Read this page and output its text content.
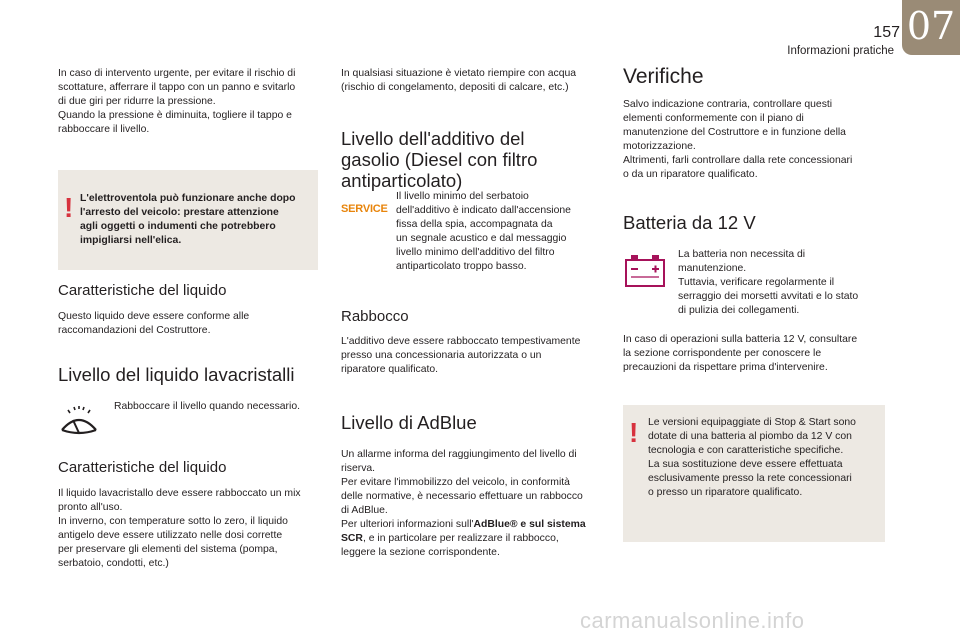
157 07
Informazioni pratiche
In caso di intervento urgente, per evitare il rischio di
scottature, afferrare il tappo con un panno e svitarlo
di due giri per ridurre la pressione.
Quando la pressione è diminuita, togliere il tappo e
rabboccare il livello.
! L'elettroventola può funzionare anche dopo
l'arresto del veicolo: prestare attenzione
agli oggetti o indumenti che potrebbero
impigliarsi nell'elica.
Caratteristiche del liquido
Questo liquido deve essere conforme alle
raccomandazioni del Costruttore.
Livello del liquido lavacristalli
Rabboccare il livello quando necessario.
Caratteristiche del liquido
Il liquido lavacristallo deve essere rabboccato un mix
pronto all'uso.
In inverno, con temperature sotto lo zero, il liquido
antigelo deve essere utilizzato nelle dosi corrette
per preservare gli elementi del sistema (pompa,
serbatoio, condotti, etc.)
In qualsiasi situazione è vietato riempire con acqua
(rischio di congelamento, depositi di calcare, etc.)
Livello dell'additivo del
gasolio (Diesel con filtro
antiparticolato)
SERVICE
Il livello minimo del serbatoio
dell'additivo è indicato dall'accensione
fissa della spia, accompagnata da
un segnale acustico e dal messaggio
livello minimo dell'additivo del filtro
antiparticolato troppo basso.
Rabbocco
L'additivo deve essere rabboccato tempestivamente
presso una concessionaria autorizzata o un
riparatore qualificato.
Livello di AdBlue
Un allarme informa del raggiungimento del livello di
riserva.
Per evitare l'immobilizzo del veicolo, in conformità
delle normative, è necessario effettuare un rabbocco
di AdBlue.
Per ulteriori informazioni sull'AdBlue® e sul sistema
SCR, e in particolare per realizzare il rabbocco,
leggere la sezione corrispondente.
Verifiche
Salvo indicazione contraria, controllare questi
elementi conformemente con il piano di
manutenzione del Costruttore e in funzione della
motorizzazione.
Altrimenti, farli controllare dalla rete concessionari
o da un riparatore qualificato.
Batteria da 12 V
La batteria non necessita di
manutenzione.
Tuttavia, verificare regolarmente il
serraggio dei morsetti avvitati e lo stato
di pulizia dei collegamenti.
In caso di operazioni sulla batteria 12 V, consultare
la sezione corrispondente per conoscere le
precauzioni da rispettare prima d'intervenire.
! Le versioni equipaggiate di Stop & Start sono
dotate di una batteria al piombo da 12 V con
tecnologia e con caratteristiche specifiche.
La sua sostituzione deve essere effettuata
esclusivamente presso la rete concessionari
o presso un riparatore qualificato.
carmanualsonline.info
